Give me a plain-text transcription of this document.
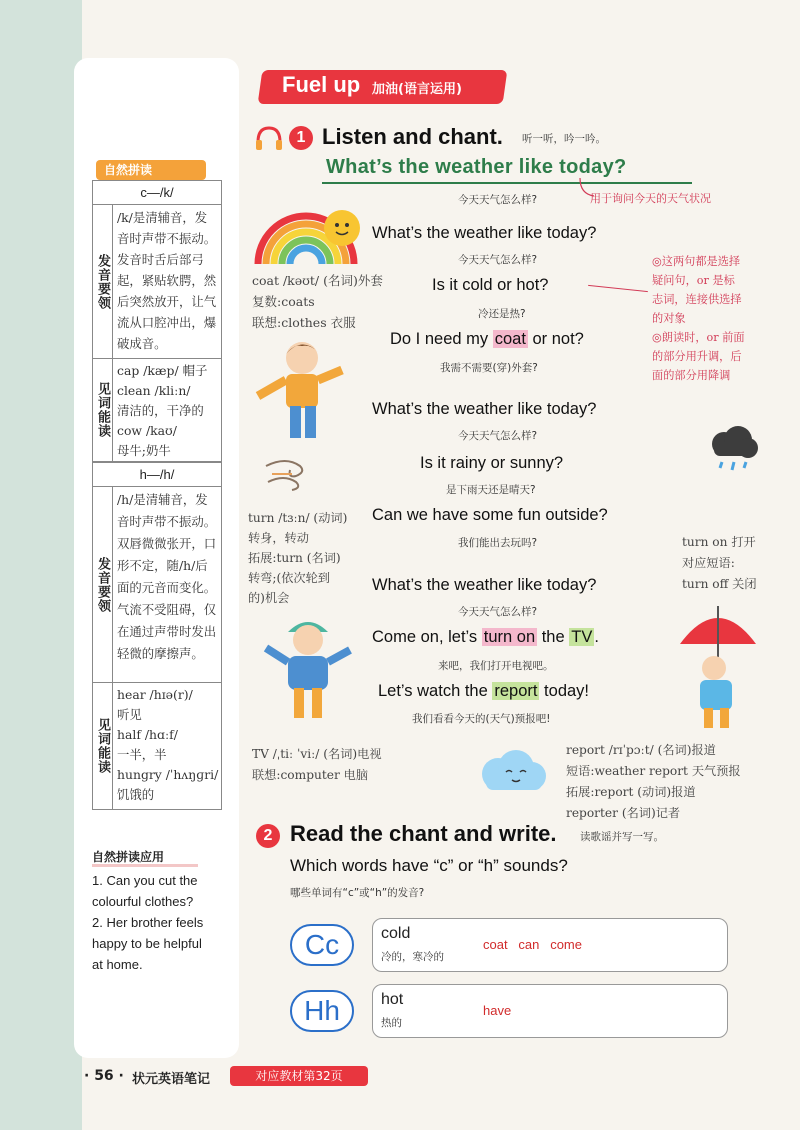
Fuel up 加油(语言运用)
1 Listen and chant. 听一听，吟一吟。
What’s the weather like today?
今天天气怎么样?	用于询问今天的天气状况
What’s the weather like today?
今天天气怎么样?
Is it cold or hot?
冷还是热?
Do I need my coat or not?
我需不需要(穿)外套?
What’s the weather like today?
今天天气怎么样?
Is it rainy or sunny?
是下雨天还是晴天?
Can we have some fun outside?
我们能出去玩吗?
What’s the weather like today?
今天天气怎么样?
Come on, let’s turn on the TV .
来吧，我们打开电视吧。
Let’s watch the report today!
我们看看今天的(天气)预报吧!
coat /kəʊt/ (名词)外套
复数:coats
联想:clothes 衣服
◎这两句都是选择
疑问句，or 是标
志词，连接供选择
的对象
◎朗读时，or 前面
的部分用升调，后
面的部分用降调
turn /tɜːn/ (动词)
转身，转动
拓展:turn (名词)
转弯;(依次轮到
的)机会
turn on 打开
对应短语:
turn off 关闭
TV /ˌtiː ˈviː/ (名词)电视
联想:computer 电脑
report /rɪˈpɔːt/ (名词)报道
短语:weather report 天气预报
拓展:report (动词)报道
reporter (名词)记者
自然拼读
c—/k/
发音要领
/k/是清辅音，发音时声带不振动。发音时舌后部弓起，紧贴软腭，然后突然放开，让气流从口腔冲出，爆破成音。
见词能读
cap /kæp/ 帽子
clean /kliːn/
清洁的，干净的
cow /kaʊ/
母牛;奶牛
h—/h/
发音要领
/h/是清辅音，发音时声带不振动。双唇微微张开，口形不定，随/h/后面的元音而变化。气流不受阻碍，仅在通过声带时发出轻微的摩擦声。
见词能读
hear /hɪə(r)/
听见
half /hɑːf/
一半，半
hungry /ˈhʌŋɡri/
饥饿的
自然拼读应用
1. Can you cut the
colourful clothes?
2. Her brother feels
happy to be helpful
at home.
2 Read the chant and write. 读歌谣并写一写。
Which words have “c” or “h” sounds?
哪些单词有“c”或“h”的发音?
Cc	cold
冷的，寒冷的
coat   can   come
Hh	hot
热的
have
· 56 · 状元英语笔记	对应教材第32页
